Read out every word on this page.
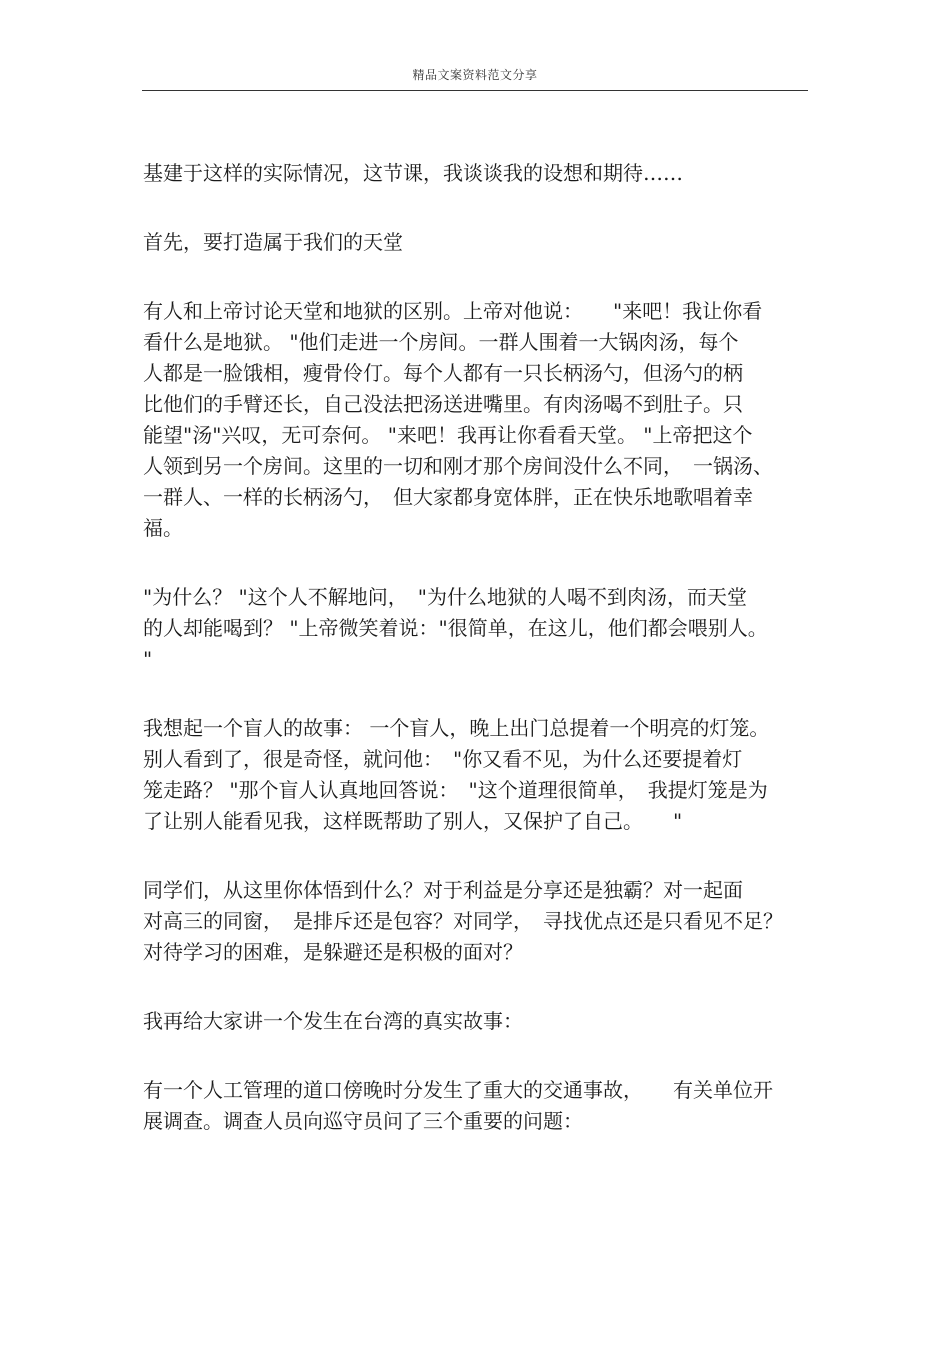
精品文案资料范文分享
基建于这样的实际情况，这节课，我谈谈我的设想和期待……
首先，要打造属于我们的天堂
有人和上帝讨论天堂和地狱的区别。上帝对他说：　　"来吧！我让你看
看什么是地狱。 "他们走进一个房间。一群人围着一大锅肉汤，每个
人都是一脸饿相，瘦骨伶仃。每个人都有一只长柄汤勺，但汤勺的柄
比他们的手臂还长，自己没法把汤送进嘴里。有肉汤喝不到肚子。只
能望"汤"兴叹，无可奈何。 "来吧！我再让你看看天堂。 "上帝把这个
人领到另一个房间。这里的一切和刚才那个房间没什么不同，　一锅汤、
一群人、一样的长柄汤勺，　但大家都身宽体胖，正在快乐地歌唱着幸
福。
"为什么？ "这个人不解地问，　"为什么地狱的人喝不到肉汤，而天堂
的人却能喝到？ "上帝微笑着说："很简单，在这儿，他们都会喂别人。
"
我想起一个盲人的故事： 一个盲人，晚上出门总提着一个明亮的灯笼。
别人看到了，很是奇怪，就问他：　"你又看不见，为什么还要提着灯
笼走路？ "那个盲人认真地回答说：　"这个道理很简单，　我提灯笼是为
了让别人能看见我，这样既帮助了别人，又保护了自己。　　"
同学们，从这里你体悟到什么？对于利益是分享还是独霸？对一起面
对高三的同窗，　是排斥还是包容？对同学，　寻找优点还是只看见不足？
对待学习的困难，是躲避还是积极的面对？
我再给大家讲一个发生在台湾的真实故事：
有一个人工管理的道口傍晚时分发生了重大的交通事故，　　有关单位开
展调查。调查人员向巡守员问了三个重要的问题：
